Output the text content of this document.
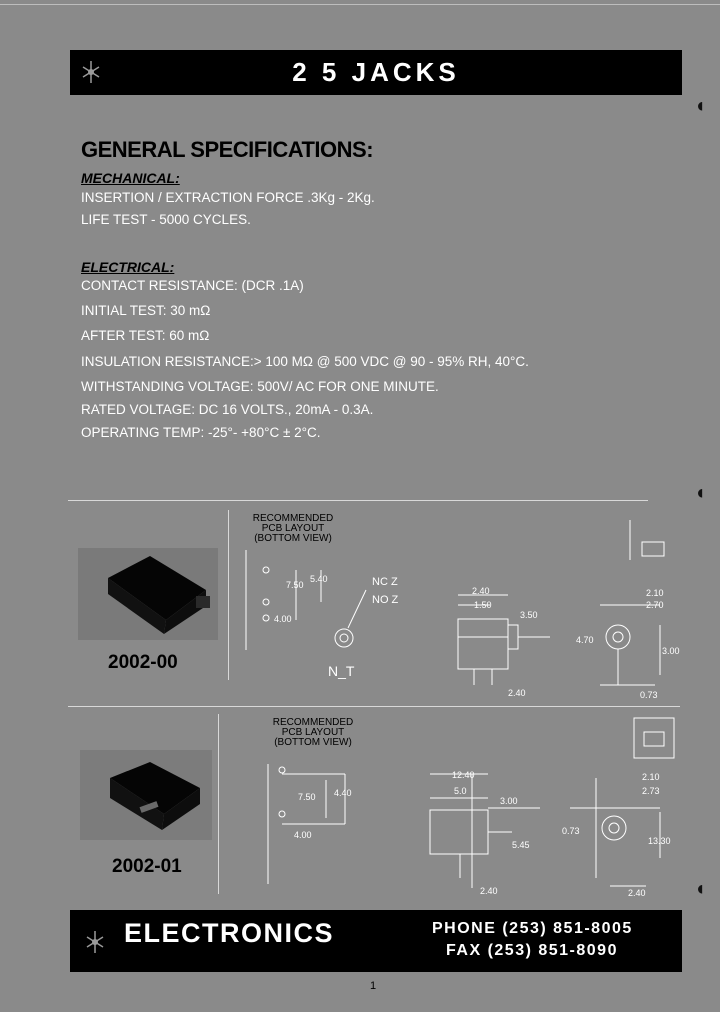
2 5 JACKS
◖
◖
◖
GENERAL SPECIFICATIONS:
MECHANICAL:
INSERTION / EXTRACTION FORCE .3Kg - 2Kg.
LIFE TEST - 5000 CYCLES.
ELECTRICAL:
CONTACT RESISTANCE: (DCR .1A)
INITIAL TEST: 30 mΩ
AFTER TEST: 60 mΩ
INSULATION RESISTANCE:> 100 MΩ @ 500 VDC @ 90 - 95% RH, 40°C.
WITHSTANDING VOLTAGE: 500V/ AC FOR ONE MINUTE.
RATED VOLTAGE: DC 16 VOLTS., 20mA - 0.3A.
OPERATING TEMP: -25°- +80°C ± 2°C.
2002-00
RECOMMENDED
PCB LAYOUT
(BOTTOM VIEW)
7.50
5.40
4.00
NC Z
NO Z
N_T
2.40
1.50
3.50
4.70
2.10
2.70
3.00
2.40	0.73
2002-01
RECOMMENDED
PCB LAYOUT
(BOTTOM VIEW)
7.50 4.40
4.00
12.40
5.0
3.00
5.45
2.10
2.73
0.73
13.30
2.40	2.40
ELECTRONICS	PHONE (253) 851-8005
FAX (253) 851-8090
1
